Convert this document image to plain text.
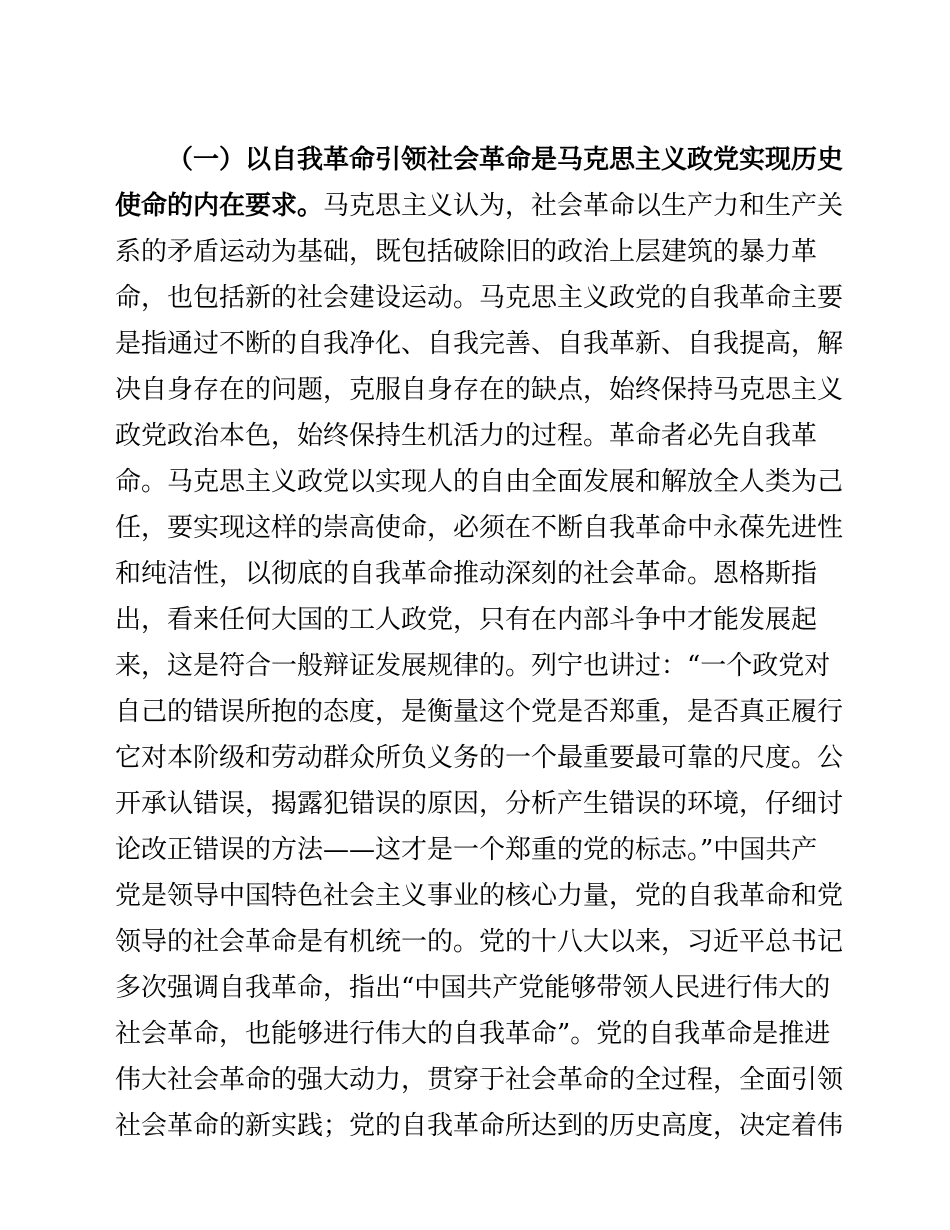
（一）以自我革命引领社会革命是马克思主义政党实现历史
使命的内在要求。马克思主义认为，社会革命以生产力和生产关
系的矛盾运动为基础，既包括破除旧的政治上层建筑的暴力革
命，也包括新的社会建设运动。马克思主义政党的自我革命主要
是指通过不断的自我净化、自我完善、自我革新、自我提高，解
决自身存在的问题，克服自身存在的缺点，始终保持马克思主义
政党政治本色，始终保持生机活力的过程。革命者必先自我革
命。马克思主义政党以实现人的自由全面发展和解放全人类为己
任，要实现这样的崇高使命，必须在不断自我革命中永葆先进性
和纯洁性，以彻底的自我革命推动深刻的社会革命。恩格斯指
出，看来任何大国的工人政党，只有在内部斗争中才能发展起
来，这是符合一般辩证发展规律的。列宁也讲过：“一个政党对
自己的错误所抱的态度，是衡量这个党是否郑重，是否真正履行
它对本阶级和劳动群众所负义务的一个最重要最可靠的尺度。公
开承认错误，揭露犯错误的原因，分析产生错误的环境，仔细讨
论改正错误的方法——这才是一个郑重的党的标志。”中国共产
党是领导中国特色社会主义事业的核心力量，党的自我革命和党
领导的社会革命是有机统一的。党的十八大以来，习近平总书记
多次强调自我革命，指出“中国共产党能够带领人民进行伟大的
社会革命，也能够进行伟大的自我革命”。党的自我革命是推进
伟大社会革命的强大动力，贯穿于社会革命的全过程，全面引领
社会革命的新实践；党的自我革命所达到的历史高度，决定着伟
